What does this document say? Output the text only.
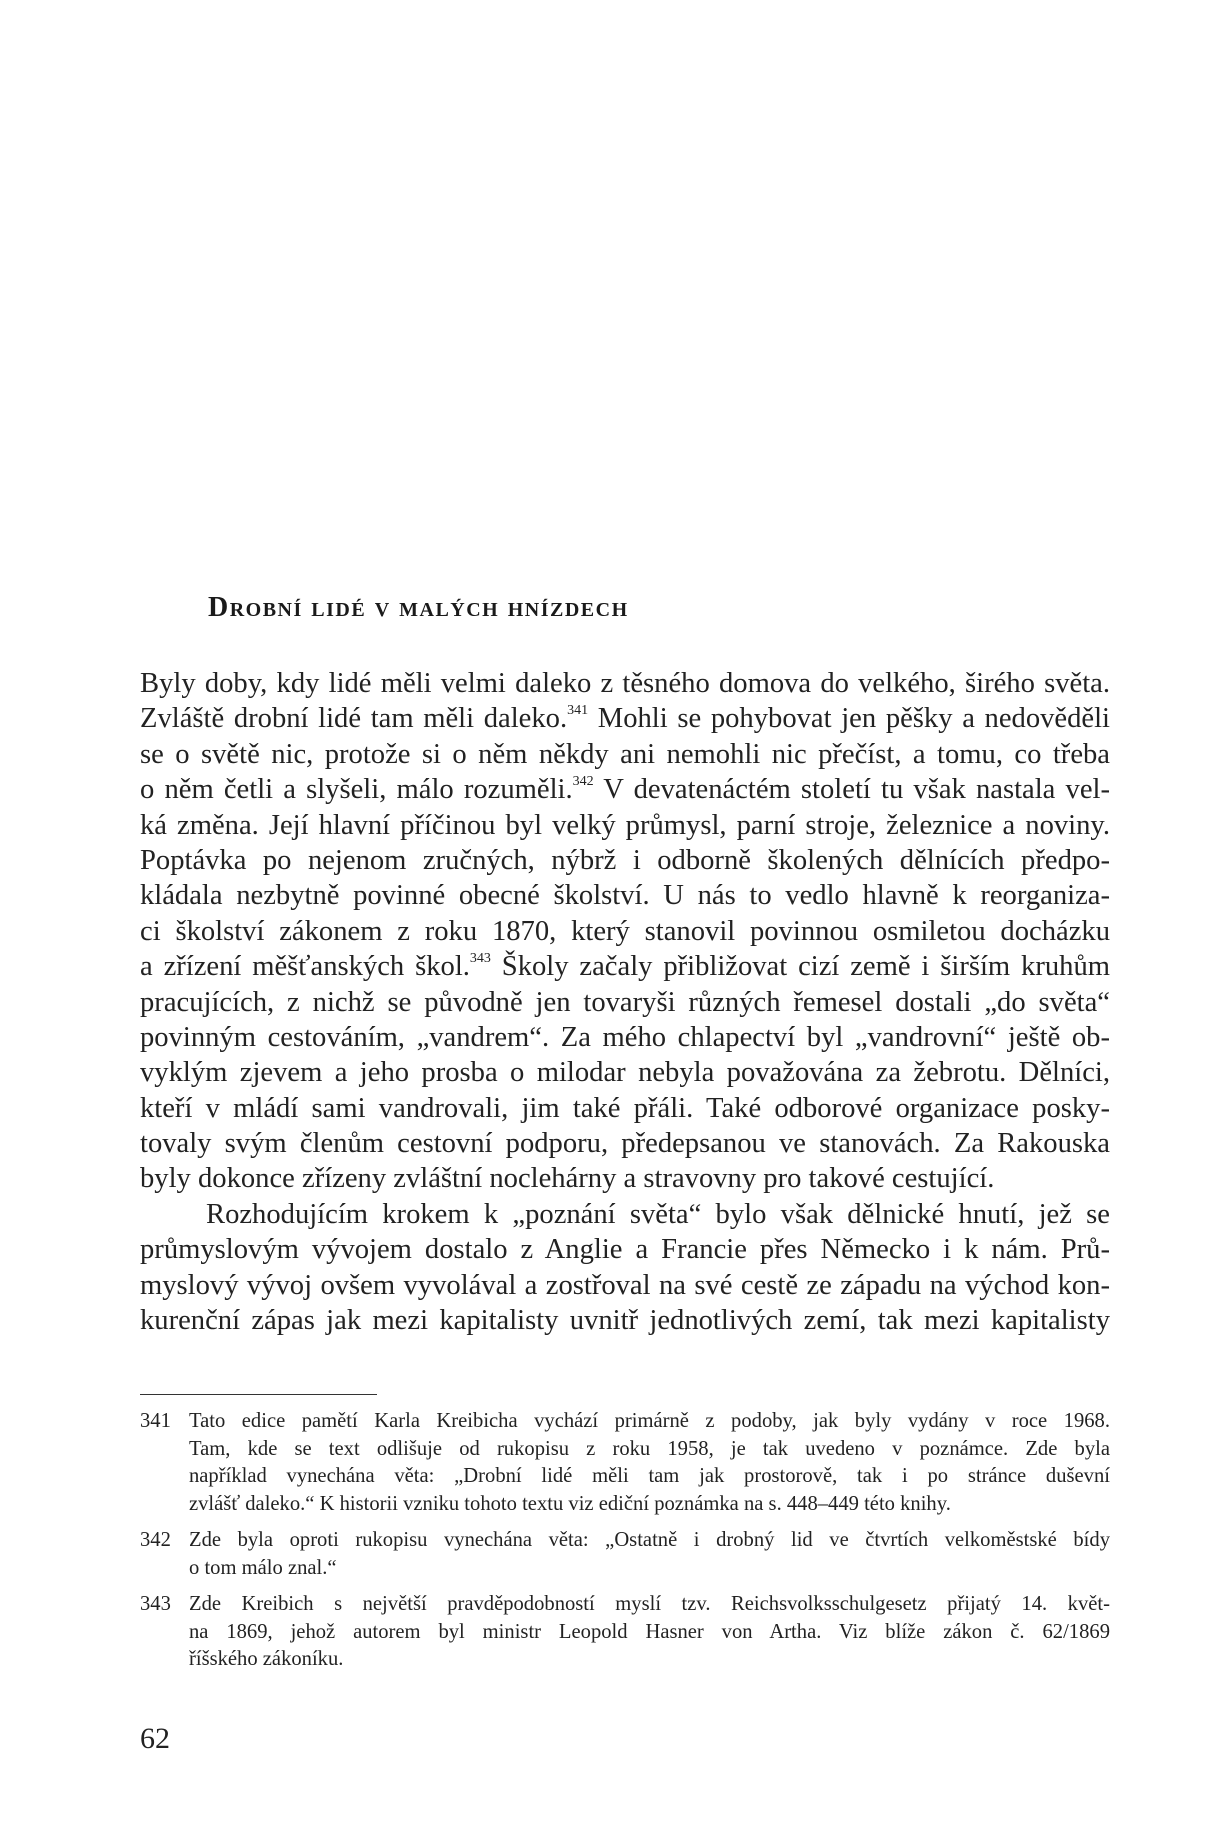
Drobní lidé v malých hnízdech
Byly doby, kdy lidé měli velmi daleko z těsného domova do velkého, širého světa.
Zvláště drobní lidé tam měli daleko.$^{341}$ Mohli se pohybovat jen pěšky a nedověděli
se o světě nic, protože si o něm někdy ani nemohli nic přečíst, a tomu, co třeba
o něm četli a slyšeli, málo rozuměli.$^{342}$ V devatenáctém století tu však nastala vel-
ká změna. Její hlavní příčinou byl velký průmysl, parní stroje, železnice a noviny.
Poptávka po nejenom zručných, nýbrž i odborně školených dělnících předpo-
kládala nezbytně povinné obecné školství. U nás to vedlo hlavně k reorganiza-
ci školství zákonem z roku 1870, který stanovil povinnou osmiletou docházku
a zřízení měšťanských škol.$^{343}$ Školy začaly přibližovat cizí země i širším kruhům
pracujících, z nichž se původně jen tovaryši různých řemesel dostali „do světa“
povinným cestováním, „vandrem“. Za mého chlapectví byl „vandrovní“ ještě ob-
vyklým zjevem a jeho prosba o milodar nebyla považována za žebrotu. Dělníci,
kteří v mládí sami vandrovali, jim také přáli. Také odborové organizace posky-
tovaly svým členům cestovní podporu, předepsanou ve stanovách. Za Rakouska
byly dokonce zřízeny zvláštní noclehárny a stravovny pro takové cestující.
Rozhodujícím krokem k „poznání světa“ bylo však dělnické hnutí, jež se
průmyslovým vývojem dostalo z Anglie a Francie přes Německo i k nám. Prů-
myslový vývoj ovšem vyvolával a zostřoval na své cestě ze západu na východ kon-
kurenční zápas jak mezi kapitalisty uvnitř jednotlivých zemí, tak mezi kapitalisty
341 Tato edice pamětí Karla Kreibicha vychází primárně z podoby, jak byly vydány v roce 1968.
Tam, kde se text odlišuje od rukopisu z roku 1958, je tak uvedeno v poznámce. Zde byla
například vynechána věta: „Drobní lidé měli tam jak prostorově, tak i po stránce duševní
zvlášť daleko.“ K historii vzniku tohoto textu viz ediční poznámka na s. 448–449 této knihy.
342 Zde byla oproti rukopisu vynechána věta: „Ostatně i drobný lid ve čtvrtích velkoměstské bídy
o tom málo znal.“
343 Zde Kreibich s největší pravděpodobností myslí tzv. Reichsvolksschulgesetz přijatý 14. květ-
na 1869, jehož autorem byl ministr Leopold Hasner von Artha. Viz blíže zákon č. 62/1869
říšského zákoníku.
62
